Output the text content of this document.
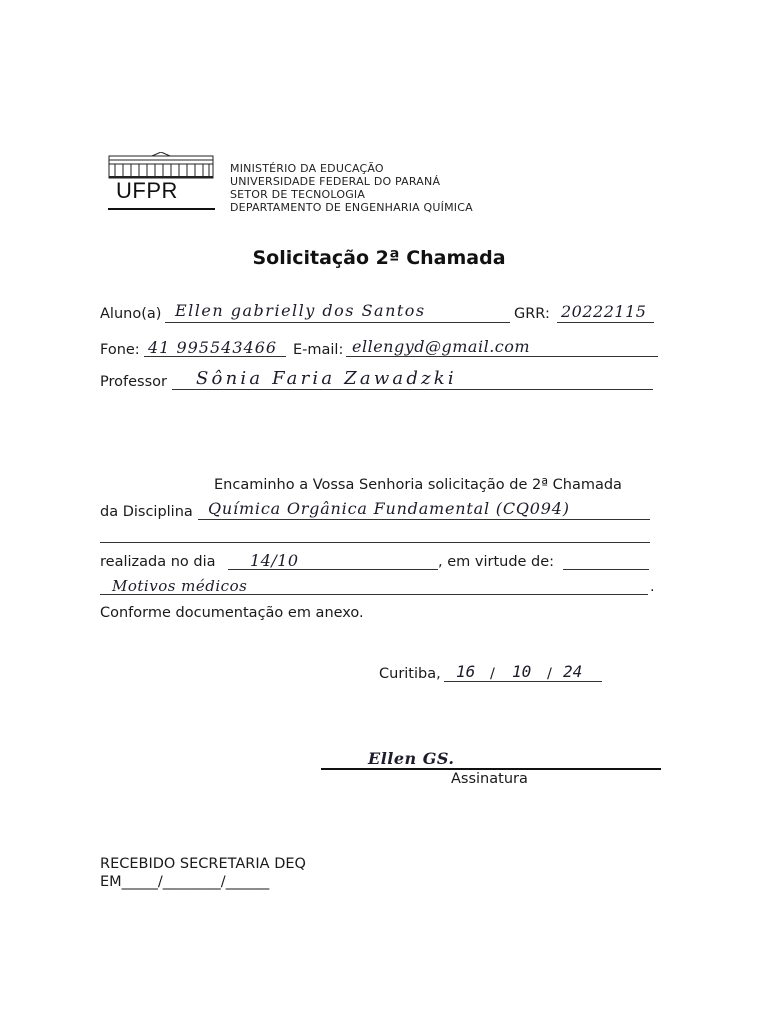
UFPR
MINISTÉRIO DA EDUCAÇÃO
UNIVERSIDADE FEDERAL DO PARANÁ
SETOR DE TECNOLOGIA
DEPARTAMENTO DE ENGENHARIA QUÍMICA
Solicitação 2ª Chamada
Aluno(a) Ellen gabrielly dos Santos	GRR: 20222115
Fone: 41 995543466 E-mail: ellengyd@gmail.com
Professor Sônia Faria Zawadzki
Encaminho a Vossa Senhoria solicitação de 2ª Chamada
da Disciplina Química Orgânica Fundamental (CQ094)
realizada no dia 14/10	, em virtude de:
Motivos médicos	.
Conforme documentação em anexo.
Curitiba, 16 / 10 / 24
Ellen GS.
Assinatura
RECEBIDO SECRETARIA DEQ
EM_____/________/______
